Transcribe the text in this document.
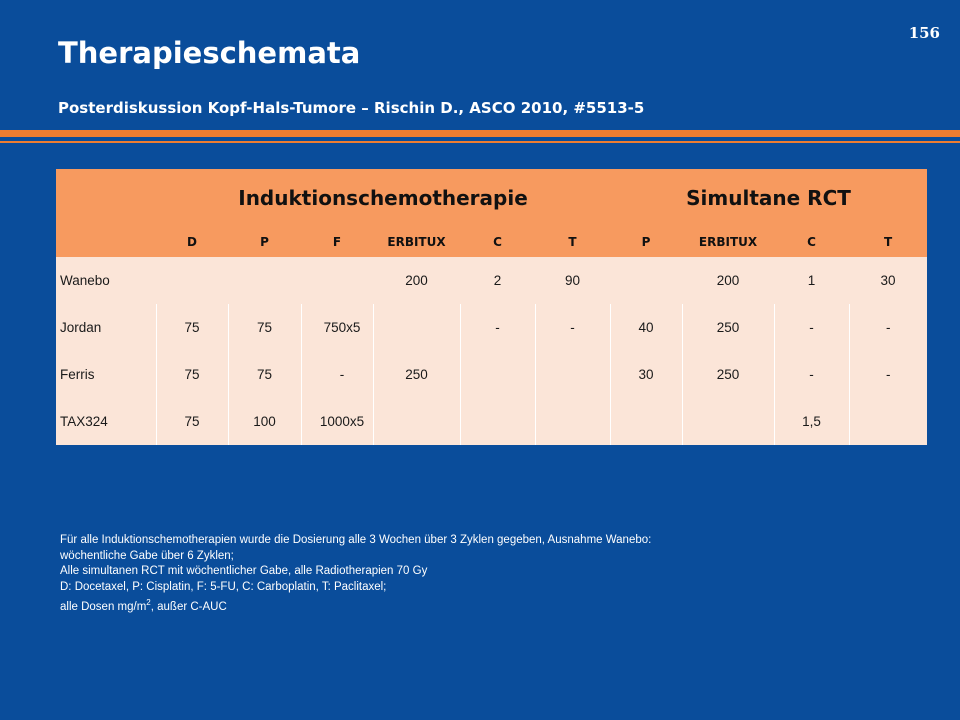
156
Therapieschemata
Posterdiskussion Kopf-Hals-Tumore – Rischin D., ASCO 2010, #5513-5
	Induktionschemotherapie						Simultane RCT			
	D	P	F	ERBITUX	C	T	P	ERBITUX	C	T
Wanebo				200	2	90		200	1	30
Jordan	75	75	750x5		-	-	40	250	-	-
Ferris	75	75	-	250			30	250	-	-
TAX324	75	100	1000x5						1,5	

Für alle Induktionschemotherapien wurde die Dosierung alle 3 Wochen über 3 Zyklen gegeben, Ausnahme Wanebo:

wöchentliche Gabe über 6 Zyklen;

Alle simultanen RCT mit wöchentlicher Gabe, alle Radiotherapien 70 Gy

D: Docetaxel, P: Cisplatin, F: 5-FU, C: Carboplatin, T: Paclitaxel;

alle Dosen $mg/m^2$, außer C-AUC
